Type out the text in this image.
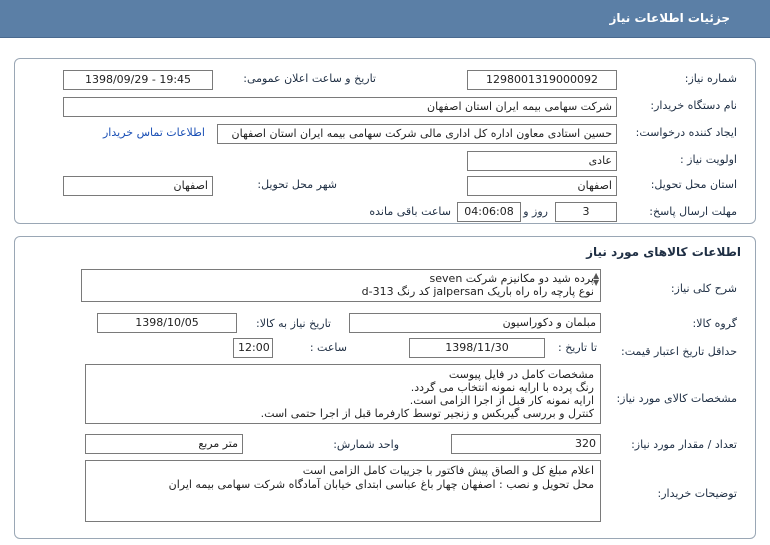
جزئیات اطلاعات نیاز
شماره نیاز:
1298001319000092
تاریخ و ساعت اعلان عمومی:
1398/09/29 - 19:45
نام دستگاه خریدار:
شرکت سهامی بیمه ایران استان اصفهان
ایجاد کننده درخواست:
حسین استادی معاون اداره کل اداری مالی شرکت سهامی بیمه ایران استان اصفهان
اطلاعات تماس خریدار
اولویت نیاز :
عادی
استان محل تحویل:
اصفهان
شهر محل تحویل:
اصفهان
مهلت ارسال پاسخ:
3
روز و
04:06:08
ساعت باقی مانده
اطلاعات کالاهای مورد نیاز
شرح کلی نیاز:
پرده شید دو مکانیزم شرکت seven
نوع پارچه راه راه باریک jalpersan کد رنگ d-313
▲
▼
گروه کالا:
مبلمان و دکوراسیون
تاریخ نیاز به کالا:
1398/10/05
حداقل تاریخ اعتبار قیمت:
تا تاریخ :
1398/11/30
ساعت :
12:00
مشخصات کالای مورد نیاز:
مشخصات کامل در فایل پیوست
رنگ پرده با ارایه نمونه انتخاب می گردد.
ارایه نمونه کار قبل از اجرا الزامی است.
کنترل و بررسی گیربکس و زنجیر توسط کارفرما قبل از اجرا حتمی است.
تعداد / مقدار مورد نیاز:
320
واحد شمارش:
متر مربع
توضیحات خریدار:
اعلام مبلغ کل و الصاق پیش فاکتور با جزییات کامل الزامی است
محل تحویل و نصب : اصفهان چهار باغ عباسی ابتدای خیابان آمادگاه شرکت سهامی بیمه ایران
